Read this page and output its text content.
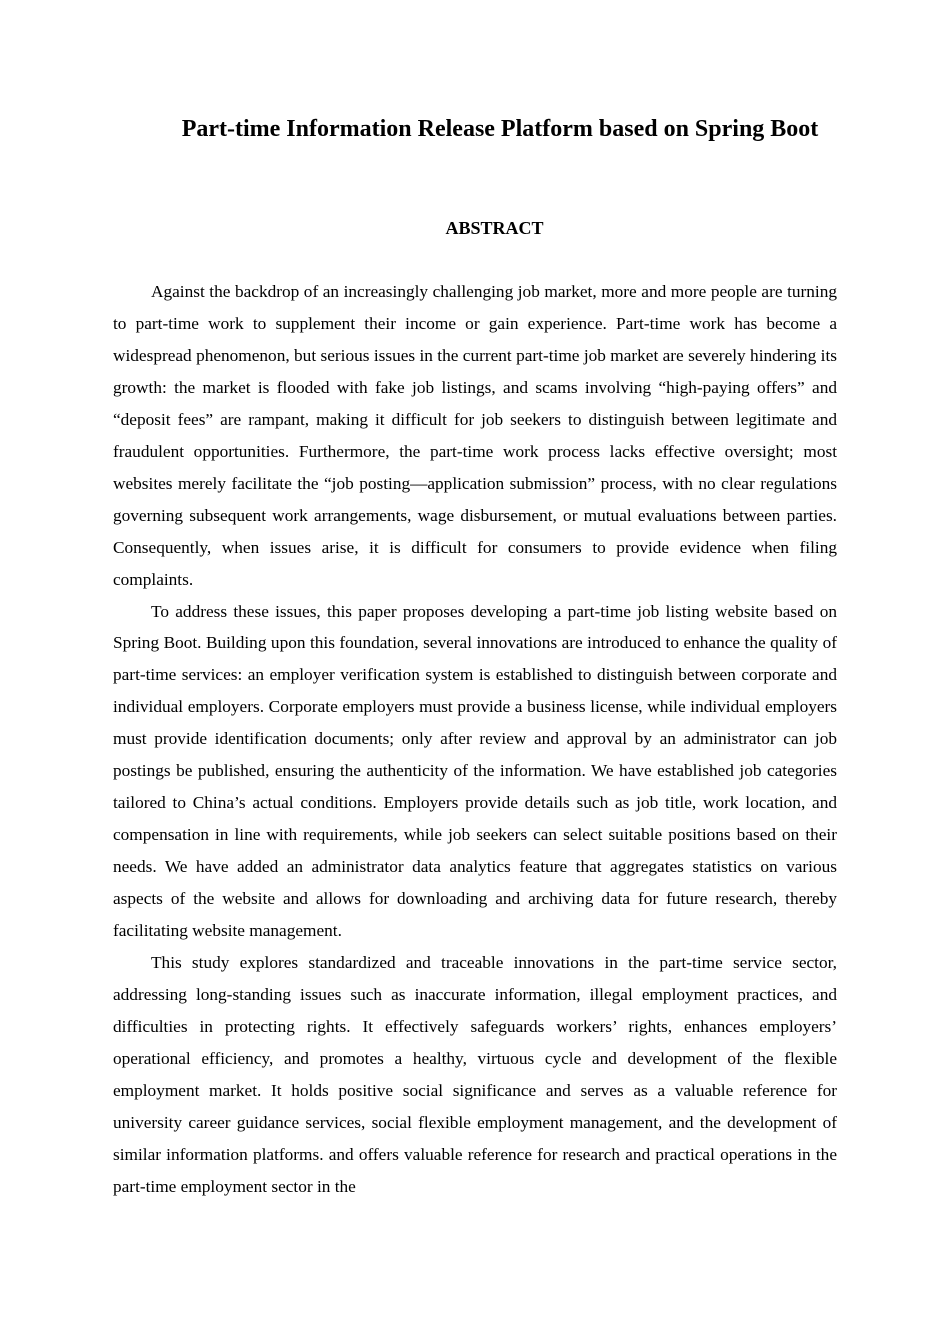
Part-time Information Release Platform based on Spring Boot
ABSTRACT

Against the backdrop of an increasingly challenging job market, more and more people are turning to part-time work to supplement their income or gain experience. Part-time work has become a widespread phenomenon, but serious issues in the current part-time job market are severely hindering its growth: the market is flooded with fake job listings, and scams involving “high-paying offers” and “deposit fees” are rampant, making it difficult for job seekers to distinguish between legitimate and fraudulent opportunities. Furthermore, the part-time work process lacks effective oversight; most websites merely facilitate the “job posting—application submission” process, with no clear regulations governing subsequent work arrangements, wage disbursement, or mutual evaluations between parties. Consequently, when issues arise, it is difficult for consumers to provide evidence when filing complaints.

To address these issues, this paper proposes developing a part-time job listing website based on Spring Boot. Building upon this foundation, several innovations are introduced to enhance the quality of part-time services: an employer verification system is established to distinguish between corporate and individual employers. Corporate employers must provide a business license, while individual employers must provide identification documents; only after review and approval by an administrator can job postings be published, ensuring the authenticity of the information. We have established job categories tailored to China’s actual conditions. Employers provide details such as job title, work location, and compensation in line with requirements, while job seekers can select suitable positions based on their needs. We have added an administrator data analytics feature that aggregates statistics on various aspects of the website and allows for downloading and archiving data for future research, thereby facilitating website management.

This study explores standardized and traceable innovations in the part-time service sector, addressing long-standing issues such as inaccurate information, illegal employment practices, and difficulties in protecting rights. It effectively safeguards workers’ rights, enhances employers’ operational efficiency, and promotes a healthy, virtuous cycle and development of the flexible employment market. It holds positive social significance and serves as a valuable reference for university career guidance services, social flexible employment management, and the development of similar information platforms. and offers valuable reference for research and practical operations in the part-time employment sector in the
